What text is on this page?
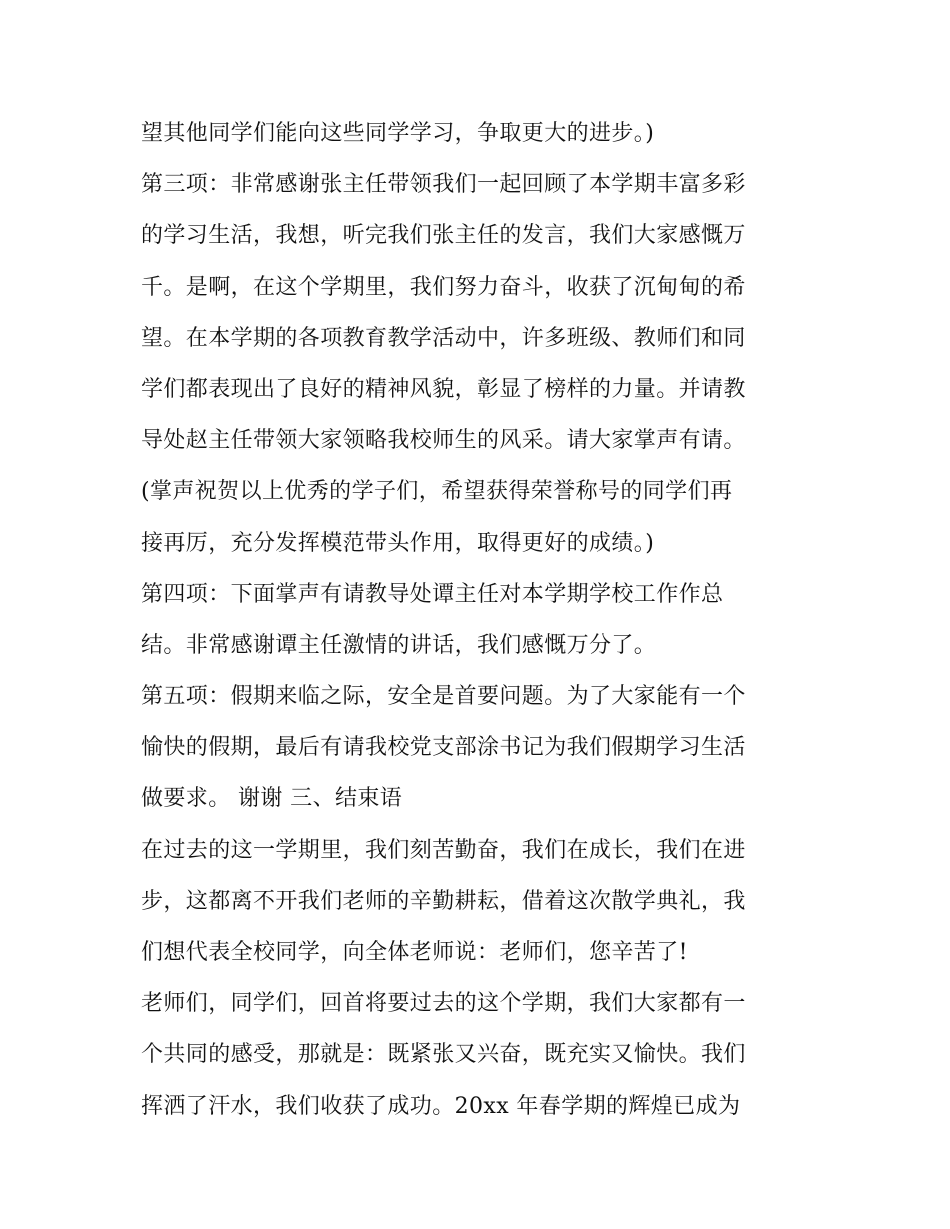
望其他同学们能向这些同学学习，争取更大的进步。)
第三项：非常感谢张主任带领我们一起回顾了本学期丰富多彩
的学习生活，我想，听完我们张主任的发言，我们大家感慨万
千。是啊，在这个学期里，我们努力奋斗，收获了沉甸甸的希
望。在本学期的各项教育教学活动中，许多班级、教师们和同
学们都表现出了良好的精神风貌，彰显了榜样的力量。并请教
导处赵主任带领大家领略我校师生的风采。请大家掌声有请。
(掌声祝贺以上优秀的学子们，希望获得荣誉称号的同学们再
接再厉，充分发挥模范带头作用，取得更好的成绩。)
第四项：下面掌声有请教导处谭主任对本学期学校工作作总
结。非常感谢谭主任激情的讲话，我们感慨万分了。
第五项：假期来临之际，安全是首要问题。为了大家能有一个
愉快的假期，最后有请我校党支部涂书记为我们假期学习生活
做要求。 谢谢 三、结束语
在过去的这一学期里，我们刻苦勤奋，我们在成长，我们在进
步，这都离不开我们老师的辛勤耕耘，借着这次散学典礼，我
们想代表全校同学，向全体老师说：老师们，您辛苦了!
老师们，同学们，回首将要过去的这个学期，我们大家都有一
个共同的感受，那就是：既紧张又兴奋，既充实又愉快。我们
挥洒了汗水，我们收获了成功。20xx 年春学期的辉煌已成为
